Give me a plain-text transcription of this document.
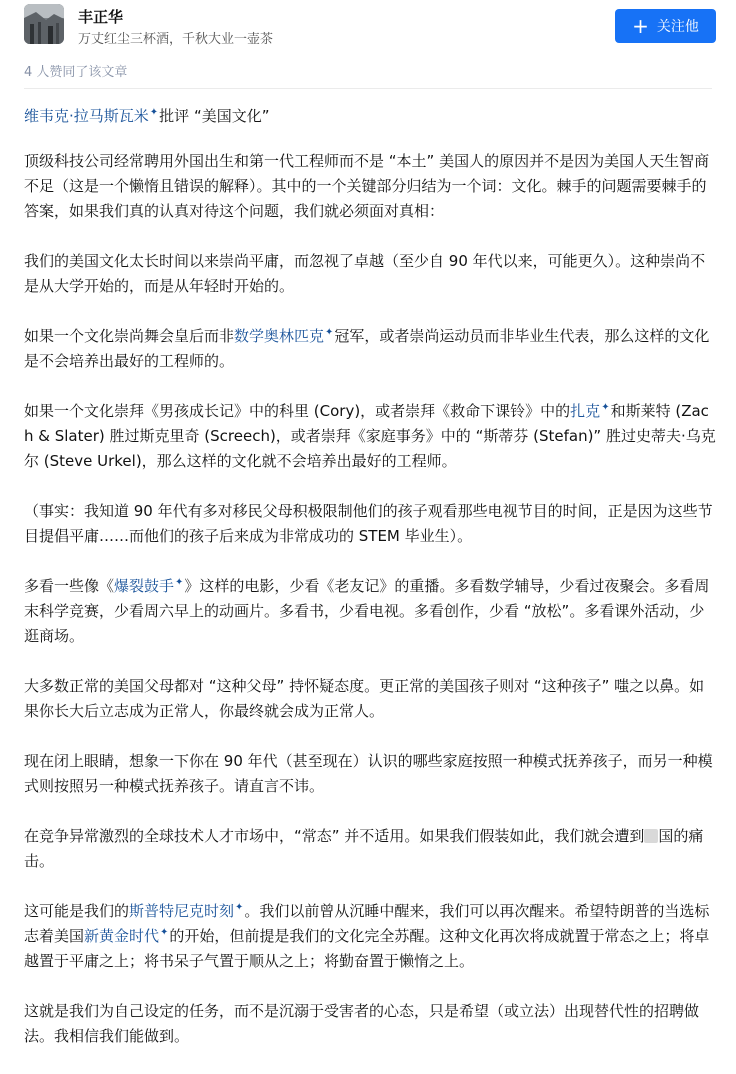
丰正华
万丈红尘三杯酒，千秋大业一壶茶
+ 关注他
4 人赞同了该文章

维韦克·拉马斯瓦米✦批评 “美国文化”

顶级科技公司经常聘用外国出生和第一代工程师而不是 “本土” 美国人的原因并不是因为美国人天生智商不足（这是一个懒惰且错误的解释）。其中的一个关键部分归结为一个词：文化。棘手的问题需要棘手的答案，如果我们真的认真对待这个问题，我们就必须面对真相：

我们的美国文化太长时间以来崇尚平庸，而忽视了卓越（至少自 90 年代以来，可能更久）。这种崇尚不是从大学开始的，而是从年轻时开始的。

如果一个文化崇尚舞会皇后而非数学奥林匹克✦冠军，或者崇尚运动员而非毕业生代表，那么这样的文化是不会培养出最好的工程师的。

如果一个文化崇拜《男孩成长记》中的科里 (Cory)，或者崇拜《救命下课铃》中的扎克✦和斯莱特 (Zach & Slater) 胜过斯克里奇 (Screech)，或者崇拜《家庭事务》中的 “斯蒂芬 (Stefan)” 胜过史蒂夫·乌克尔 (Steve Urkel)，那么这样的文化就不会培养出最好的工程师。

（事实：我知道 90 年代有多对移民父母积极限制他们的孩子观看那些电视节目的时间，正是因为这些节目提倡平庸……而他们的孩子后来成为非常成功的 STEM 毕业生）。

多看一些像《爆裂鼓手✦》这样的电影，少看《老友记》的重播。多看数学辅导，少看过夜聚会。多看周末科学竞赛，少看周六早上的动画片。多看书，少看电视。多看创作，少看 “放松”。多看课外活动，少逛商场。

大多数正常的美国父母都对 “这种父母” 持怀疑态度。更正常的美国孩子则对 “这种孩子” 嗤之以鼻。如果你长大后立志成为正常人，你最终就会成为正常人。

现在闭上眼睛，想象一下你在 90 年代（甚至现在）认识的哪些家庭按照一种模式抚养孩子，而另一种模式则按照另一种模式抚养孩子。请直言不讳。

在竞争异常激烈的全球技术人才市场中，“常态” 并不适用。如果我们假装如此，我们就会遭到 国的痛击。

这可能是我们的斯普特尼克时刻✦。我们以前曾从沉睡中醒来，我们可以再次醒来。希望特朗普的当选标志着美国新黄金时代✦的开始，但前提是我们的文化完全苏醒。这种文化再次将成就置于常态之上；将卓越置于平庸之上；将书呆子气置于顺从之上；将勤奋置于懒惰之上。

这就是我们为自己设定的任务，而不是沉溺于受害者的心态，只是希望（或立法）出现替代性的招聘做法。我相信我们能做到。
